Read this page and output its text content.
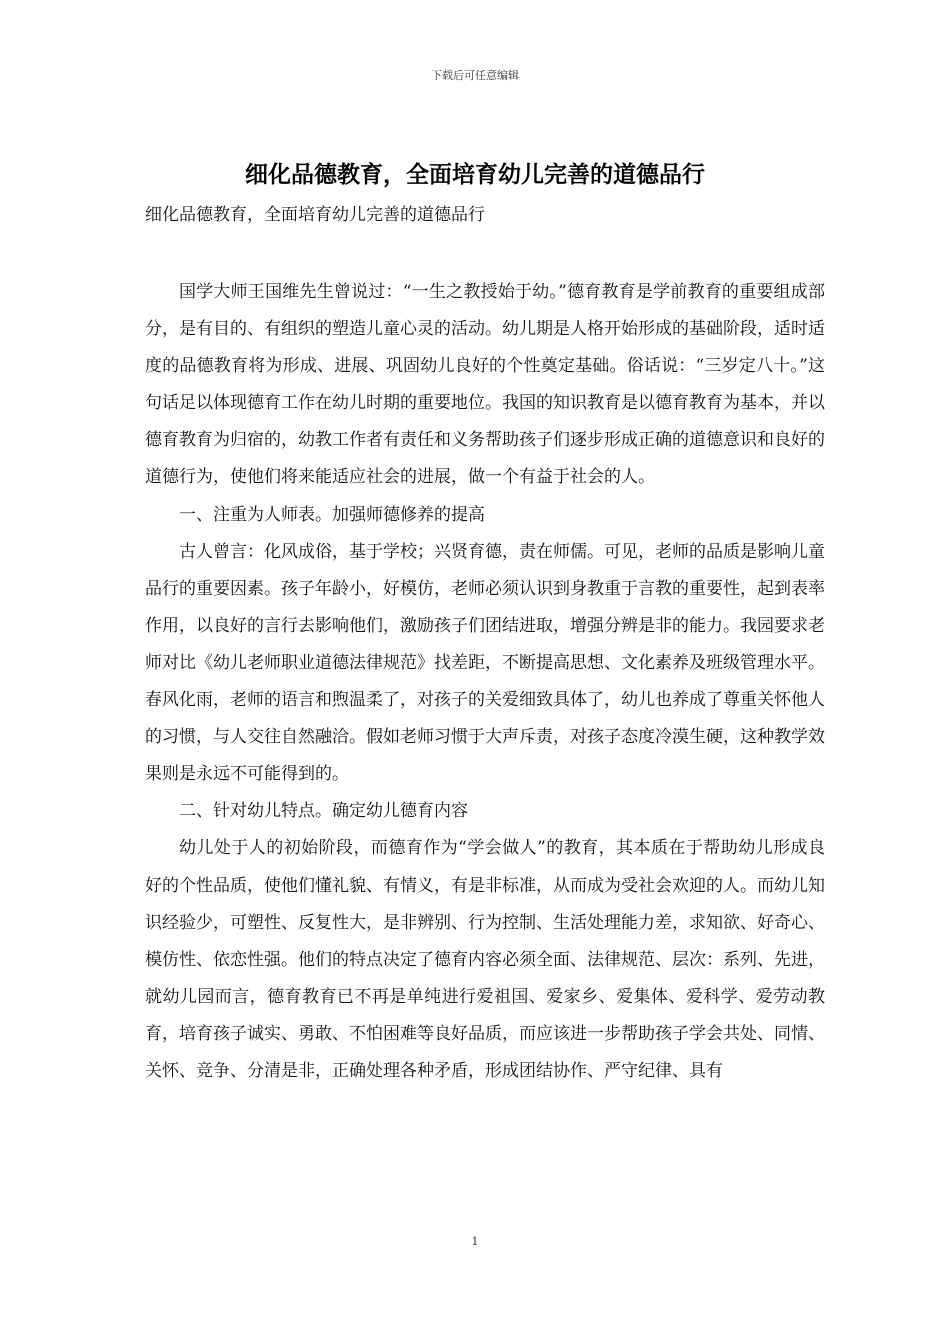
下载后可任意编辑
细化品德教育，全面培育幼儿完善的道德品行
细化品德教育，全面培育幼儿完善的道德品行

国学大师王国维先生曾说过：“一生之教授始于幼。”德育教育是学前教育的重要组成部分，是有目的、有组织的塑造儿童心灵的活动。幼儿期是人格开始形成的基础阶段，适时适度的品德教育将为形成、进展、巩固幼儿良好的个性奠定基础。俗话说：“三岁定八十。”这句话足以体现德育工作在幼儿时期的重要地位。我国的知识教育是以德育教育为基本，并以德育教育为归宿的，幼教工作者有责任和义务帮助孩子们逐步形成正确的道德意识和良好的道德行为，使他们将来能适应社会的进展，做一个有益于社会的人。

一、注重为人师表。加强师德修养的提高

古人曾言：化风成俗，基于学校；兴贤育德，责在师儒。可见，老师的品质是影响儿童品行的重要因素。孩子年龄小，好模仿，老师必须认识到身教重于言教的重要性，起到表率作用，以良好的言行去影响他们，激励孩子们团结进取，增强分辨是非的能力。我园要求老师对比《幼儿老师职业道德法律规范》找差距，不断提高思想、文化素养及班级管理水平。春风化雨，老师的语言和煦温柔了，对孩子的关爱细致具体了，幼儿也养成了尊重关怀他人的习惯，与人交往自然融洽。假如老师习惯于大声斥责，对孩子态度冷漠生硬，这种教学效果则是永远不可能得到的。

二、针对幼儿特点。确定幼儿德育内容

幼儿处于人的初始阶段，而德育作为“学会做人”的教育，其本质在于帮助幼儿形成良好的个性品质，使他们懂礼貌、有情义，有是非标准，从而成为受社会欢迎的人。而幼儿知识经验少，可塑性、反复性大，是非辨别、行为控制、生活处理能力差，求知欲、好奇心、模仿性、依恋性强。他们的特点决定了德育内容必须全面、法律规范、层次：系列、先进，就幼儿园而言，德育教育已不再是单纯进行爱祖国、爱家乡、爱集体、爱科学、爱劳动教育，培育孩子诚实、勇敢、不怕困难等良好品质，而应该进一步帮助孩子学会共处、同情、关怀、竞争、分清是非，正确处理各种矛盾，形成团结协作、严守纪律、具有

1
